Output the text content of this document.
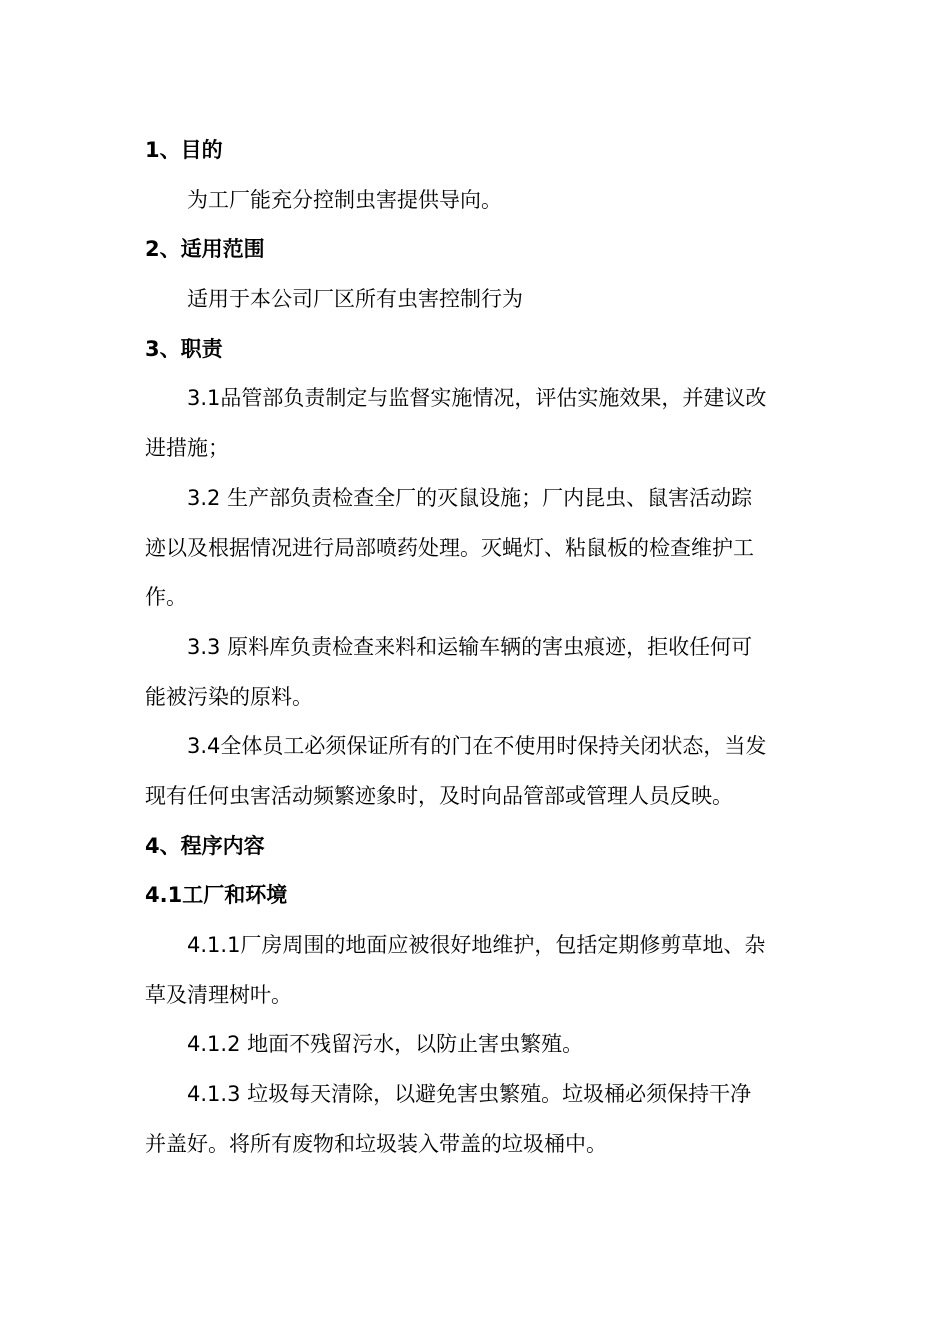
1、目的
为工厂能充分控制虫害提供导向。
2、适用范围
适用于本公司厂区所有虫害控制行为
3、职责
3.1品管部负责制定与监督实施情况，评估实施效果，并建议改
进措施；
3.2 生产部负责检查全厂的灭鼠设施；厂内昆虫、鼠害活动踪
迹以及根据情况进行局部喷药处理。灭蝇灯、粘鼠板的检查维护工
作。
3.3 原料库负责检查来料和运输车辆的害虫痕迹，拒收任何可
能被污染的原料。
3.4全体员工必须保证所有的门在不使用时保持关闭状态，当发
现有任何虫害活动频繁迹象时，及时向品管部或管理人员反映。
4、程序内容
4.1工厂和环境
4.1.1厂房周围的地面应被很好地维护，包括定期修剪草地、杂
草及清理树叶。
4.1.2 地面不残留污水，以防止害虫繁殖。
4.1.3 垃圾每天清除，以避免害虫繁殖。垃圾桶必须保持干净
并盖好。将所有废物和垃圾装入带盖的垃圾桶中。
